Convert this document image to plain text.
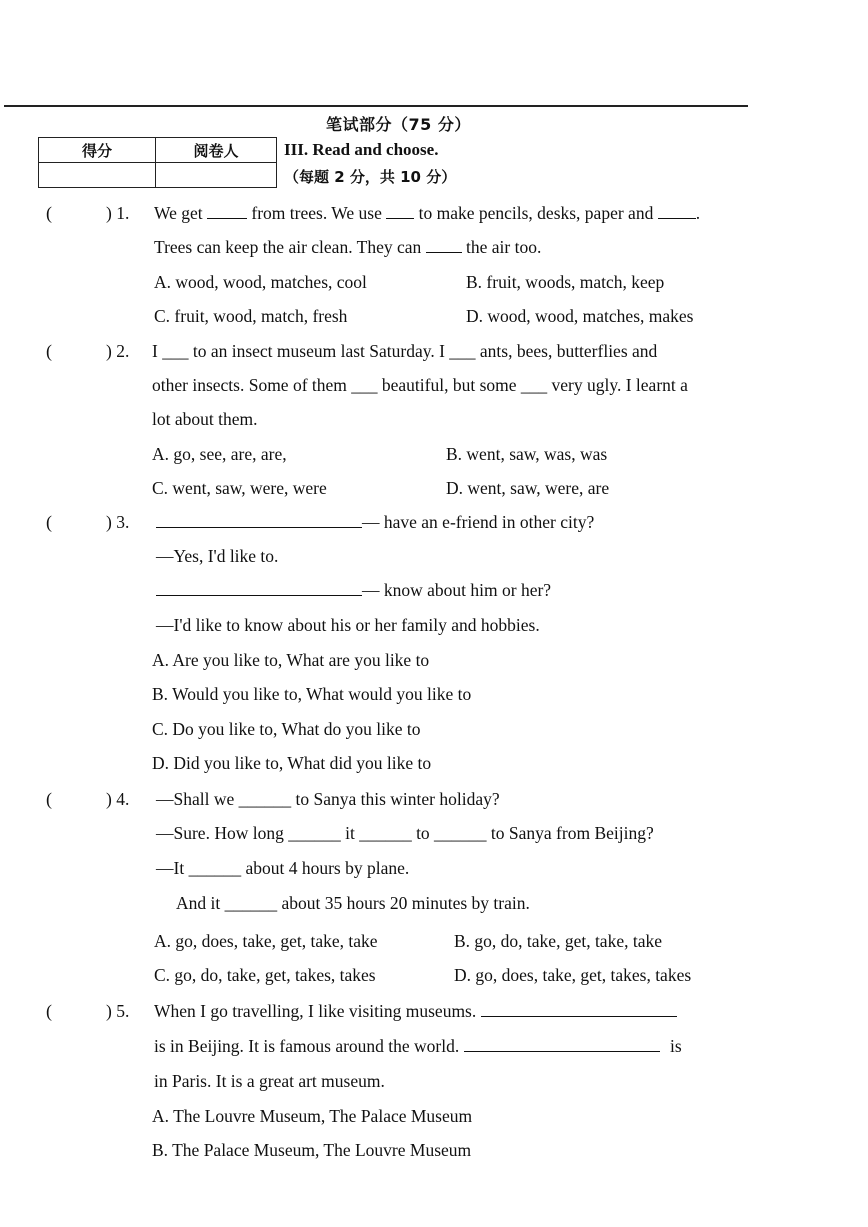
笔试部分（75 分）
得分	阅卷人
		III. Read and choose.
（每题 2 分，共 10 分）
(	) 1. We get  from trees. We use  to make pencils, desks, paper and .
Trees can keep the air clean. They can  the air too.
A. wood, wood, matches, cool	B. fruit, woods, match, keep
C. fruit, wood, match, fresh	D. wood, wood, matches, makes
(	) 2. I ___ to an insect museum last Saturday. I ___ ants, bees, butterflies and
other insects. Some of them ___ beautiful, but some ___ very ugly. I learnt a
lot about them.
A. go, see, are, are,	B. went, saw, was, was
C. went, saw, were, were	D. went, saw, were, are
(	) 3.	— have an e-friend in other city?
—Yes, I'd like to.
— know about him or her?
—I'd like to know about his or her family and hobbies.
A. Are you like to, What are you like to
B. Would you like to, What would you like to
C. Do you like to, What do you like to
D. Did you like to, What did you like to
(	) 4. —Shall we ______ to Sanya this winter holiday?
—Sure. How long ______ it ______ to ______ to Sanya from Beijing?
—It ______ about 4 hours by plane.
And it ______ about 35 hours 20 minutes by train.
A. go, does, take, get, take, take	B. go, do, take, get, take, take
C. go, do, take, get, takes, takes	D. go, does, take, get, takes, takes
(	) 5. When I go travelling, I like visiting museums.
is in Beijing. It is famous around the world.	is
in Paris. It is a great art museum.
A. The Louvre Museum, The Palace Museum
B. The Palace Museum, The Louvre Museum
